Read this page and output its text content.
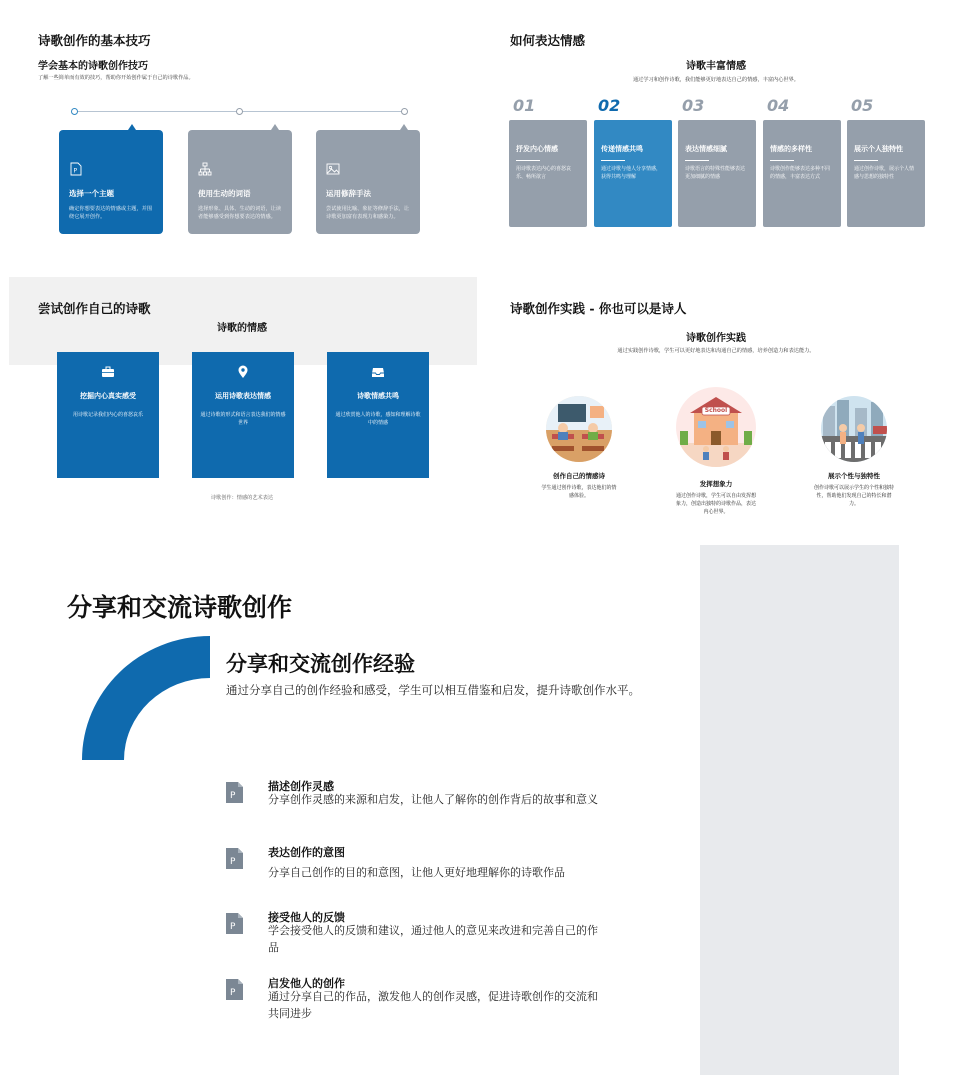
诗歌创作的基本技巧
学会基本的诗歌创作技巧
了解一些简单而有效的技巧，帮助你开始创作属于自己的诗歌作品。
P
选择一个主题
确定你想要表达的情感或主题，并围绕它展开创作。
使用生动的词语
选择形象、具体、生动的词语，让读者能够感受到你想要表达的情感。
运用修辞手法
尝试使用比喻、象征等修辞手法，让诗歌更加富有表现力和感染力。
如何表达情感
诗歌丰富情感
通过学习和创作诗歌，我们能够更好地表达自己的情感，丰富内心世界。
01
抒发内心情感
用诗歌表达内心的喜怒哀乐、畅所欲言
02
传递情感共鸣
通过诗歌与他人分享情感，获得共鸣与理解
03
表达情感细腻
诗歌语言的特殊性能够表达更加细腻的情感
04
情感的多样性
诗歌创作能够表达多种不同的情感，丰富表达方式
05
展示个人独特性
通过创作诗歌，展示个人情感与思想的独特性
尝试创作自己的诗歌
诗歌的情感
挖掘内心真实感受
用诗歌记录我们内心的喜怒哀乐
运用诗歌表达情感
通过诗歌的形式和语言表达我们的情感世界
诗歌情感共鸣
通过欣赏他人的诗歌，感知和理解诗歌中的情感
诗歌创作：情感的艺术表达
诗歌创作实践 - 你也可以是诗人
诗歌创作实践
通过实践创作诗歌，学生可以更好地表达和沟通自己的情感，培养创造力和表达能力。
School
创作自己的情感诗
学生通过创作诗歌，表达他们的情感体验。
发挥想象力
通过创作诗歌，学生可以自由发挥想象力，创造出独特的诗歌作品，表达内心世界。
展示个性与独特性
创作诗歌可以展示学生的个性和独特性，帮助他们发现自己的特长和潜力。
分享和交流诗歌创作
分享和交流创作经验
通过分享自己的创作经验和感受，学生可以相互借鉴和启发，提升诗歌创作水平。
P
描述创作灵感
分享创作灵感的来源和启发，让他人了解你的创作背后的故事和意义
P
表达创作的意图
分享自己创作的目的和意图，让他人更好地理解你的诗歌作品
P
接受他人的反馈
学会接受他人的反馈和建议，通过他人的意见来改进和完善自己的作品
P
启发他人的创作
通过分享自己的作品，激发他人的创作灵感，促进诗歌创作的交流和共同进步
